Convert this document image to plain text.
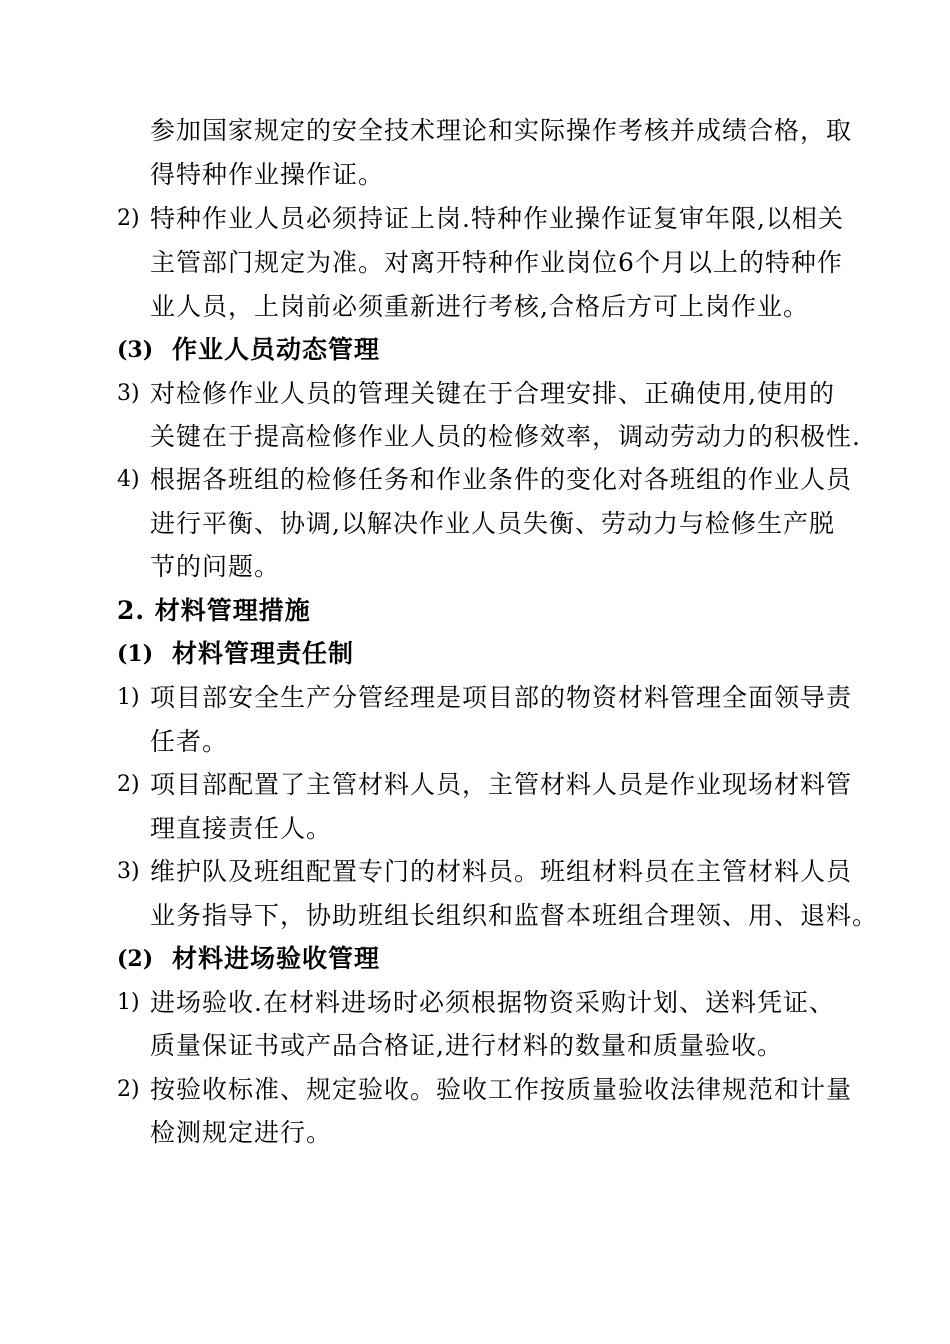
参加国家规定的安全技术理论和实际操作考核并成绩合格，取
得特种作业操作证。
2) 特种作业人员必须持证上岗.特种作业操作证复审年限,以相关
主管部门规定为准。对离开特种作业岗位6个月以上的特种作
业人员，上岗前必须重新进行考核,合格后方可上岗作业。
(3) 作业人员动态管理
3) 对检修作业人员的管理关键在于合理安排、正确使用,使用的
关键在于提高检修作业人员的检修效率，调动劳动力的积极性.
4) 根据各班组的检修任务和作业条件的变化对各班组的作业人员
进行平衡、协调,以解决作业人员失衡、劳动力与检修生产脱
节的问题。
2. 材料管理措施
(1) 材料管理责任制
1) 项目部安全生产分管经理是项目部的物资材料管理全面领导责
任者。
2) 项目部配置了主管材料人员，主管材料人员是作业现场材料管
理直接责任人。
3) 维护队及班组配置专门的材料员。班组材料员在主管材料人员
业务指导下，协助班组长组织和监督本班组合理领、用、退料。
(2) 材料进场验收管理
1) 进场验收.在材料进场时必须根据物资采购计划、送料凭证、
质量保证书或产品合格证,进行材料的数量和质量验收。
2) 按验收标准、规定验收。验收工作按质量验收法律规范和计量
检测规定进行。
